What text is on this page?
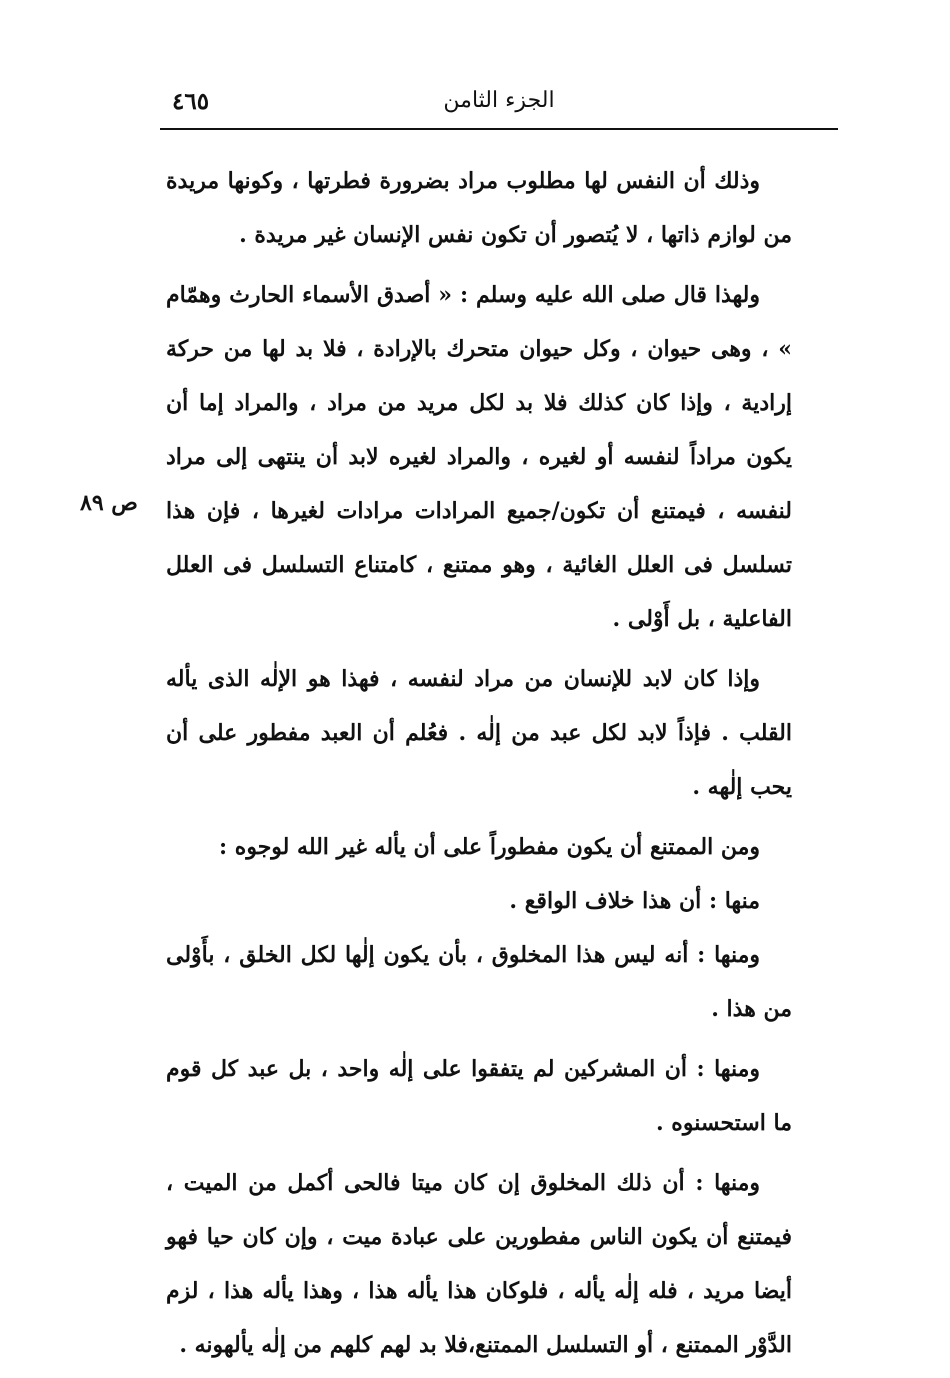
٤٦٥	الجزء الثامن
ص ٨٩

وذلك أن النفس لها مطلوب مراد بضرورة فطرتها ، وكونها مريدة من لوازم ذاتها ، لا يُتصور أن تكون نفس الإنسان غير مريدة .

ولهذا قال صلى الله عليه وسلم : « أصدق الأسماء الحارث وهمّام » ، وهى حيوان ، وكل حيوان متحرك بالإرادة ، فلا بد لها من حركة إرادية ، وإذا كان كذلك فلا بد لكل مريد من مراد ، والمراد إما أن يكون مراداً لنفسه أو لغيره ، والمراد لغيره لابد أن ينتهى إلى مراد لنفسه ، فيمتنع أن تكون/جميع المرادات مرادات لغيرها ، فإن هذا تسلسل فى العلل الغائية ، وهو ممتنع ، كامتناع التسلسل فى العلل الفاعلية ، بل أَوْلى .

وإذا كان لابد للإنسان من مراد لنفسه ، فهذا هو الإلٰه الذى يأله القلب . فإذاً لابد لكل عبد من إلٰه . فعُلم أن العبد مفطور على أن يحب إلٰهه .

ومن الممتنع أن يكون مفطوراً على أن يأله غير الله لوجوه :

منها : أن هذا خلاف الواقع .

ومنها : أنه ليس هذا المخلوق ، بأن يكون إلٰها لكل الخلق ، بأَوْلى من هذا .

ومنها : أن المشركين لم يتفقوا على إلٰه واحد ، بل عبد كل قوم ما استحسنوه .

ومنها : أن ذلك المخلوق إن كان ميتا فالحى أكمل من الميت ، فيمتنع أن يكون الناس مفطورين على عبادة ميت ، وإن كان حيا فهو أيضا مريد ، فله إلٰه يأله ، فلوكان هذا يأله هذا ، وهذا يأله هذا ، لزم الدَّوْر الممتنع ، أو التسلسل الممتنع،فلا بد لهم كلهم من إلٰه يألهونه .
